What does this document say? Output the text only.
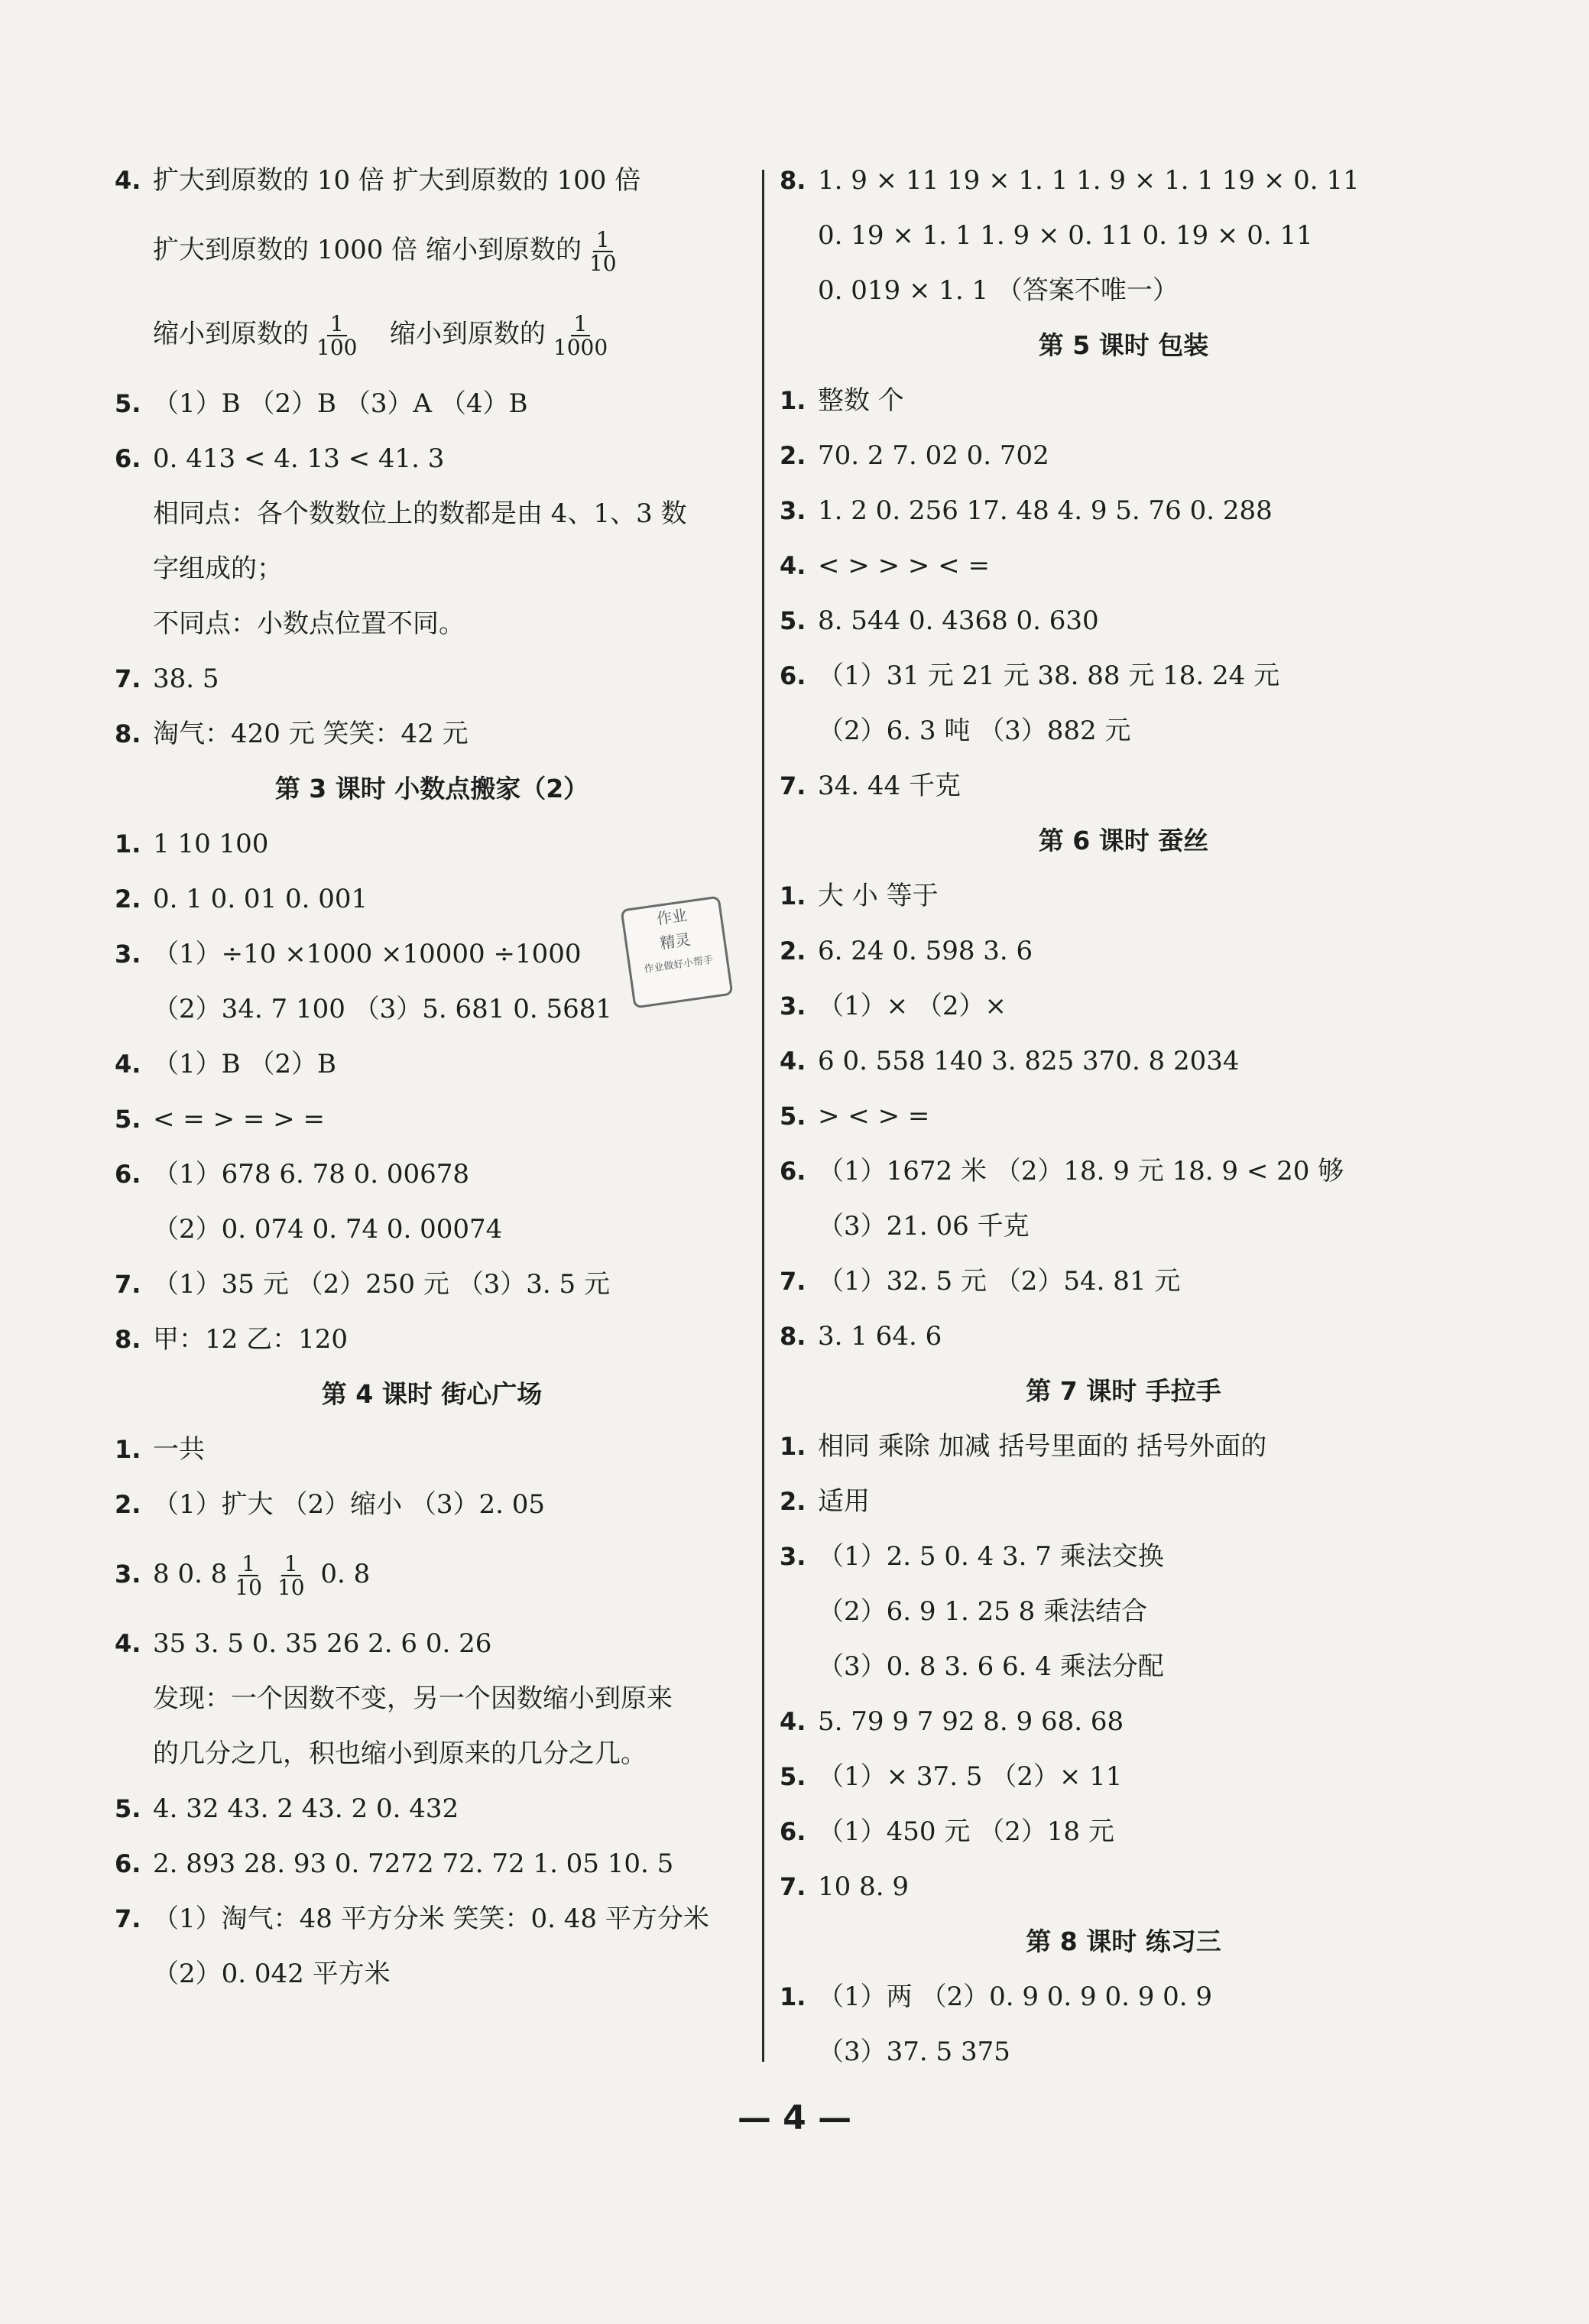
4. 扩大到原数的 10 倍 扩大到原数的 100 倍
扩大到原数的 1000 倍 缩小到原数的 $\frac{1}{10}$
缩小到原数的 $\frac{1}{100}$ 缩小到原数的 $\frac{1}{1000}$
5. （1）B （2）B （3）A （4）B
6. 0. 413 < 4. 13 < 41. 3
相同点：各个数数位上的数都是由 4、1、3 数
字组成的；
不同点：小数点位置不同。
7. 38. 5
8. 淘气：420 元 笑笑：42 元
第 3 课时 小数点搬家（2）
1. 1 10 100
2. 0. 1 0. 01 0. 001
3. （1）÷10 ×1000 ×10000 ÷1000
（2）34. 7 100 （3）5. 681 0. 5681
4. （1）B （2）B
5. < = > = > =
6. （1）678 6. 78 0. 00678
（2）0. 074 0. 74 0. 00074
7. （1）35 元 （2）250 元 （3）3. 5 元
8. 甲：12 乙：120
第 4 课时 街心广场
1. 一共
2. （1）扩大 （2）缩小 （3）2. 05
3. 8 0. $8 \frac{1}{10} \frac{1}{10} 0$. 8
4. 35 3. 5 0. 35 26 2. 6 0. 26
发现：一个因数不变，另一个因数缩小到原来
的几分之几，积也缩小到原来的几分之几。
5. 4. 32 43. 2 43. 2 0. 432
6. 2. 893 28. 93 0. 7272 72. 72 1. 05 10. 5
7. （1）淘气：48 平方分米 笑笑：0. 48 平方分米
（2）0. 042 平方米
8. 1. 9 × 11 19 × 1. 1 1. 9 × 1. 1 19 × 0. 11
0. 19 × 1. 1 1. 9 × 0. 11 0. 19 × 0. 11
0. 019 × 1. 1 （答案不唯一）
第 5 课时 包装
1. 整数 个
2. 70. 2 7. 02 0. 702
3. 1. 2 0. 256 17. 48 4. 9 5. 76 0. 288
4. < > > > < =
5. 8. 544 0. 4368 0. 630
6. （1）31 元 21 元 38. 88 元 18. 24 元
（2）6. 3 吨 （3）882 元
7. 34. 44 千克
第 6 课时 蚕丝
1. 大 小 等于
2. 6. 24 0. 598 3. 6
3. （1）× （2）×
4. 6 0. 558 140 3. 825 370. 8 2034
5. > < > =
6. （1）1672 米 （2）18. 9 元 18. 9 < 20 够
（3）21. 06 千克
7. （1）32. 5 元 （2）54. 81 元
8. 3. 1 64. 6
第 7 课时 手拉手
1. 相同 乘除 加减 括号里面的 括号外面的
2. 适用
3. （1）2. 5 0. 4 3. 7 乘法交换
（2）6. 9 1. 25 8 乘法结合
（3）0. 8 3. 6 6. 4 乘法分配
4. 5. 79 9 7 92 8. 9 68. 68
5. （1）× 37. 5 （2）× 11
6. （1）450 元 （2）18 元
7. 10 8. 9
第 8 课时 练习三
1. （1）两 （2）0. 9 0. 9 0. 9 0. 9
（3）37. 5 375
作业
精灵
作业做好小帮手
— 4 —
